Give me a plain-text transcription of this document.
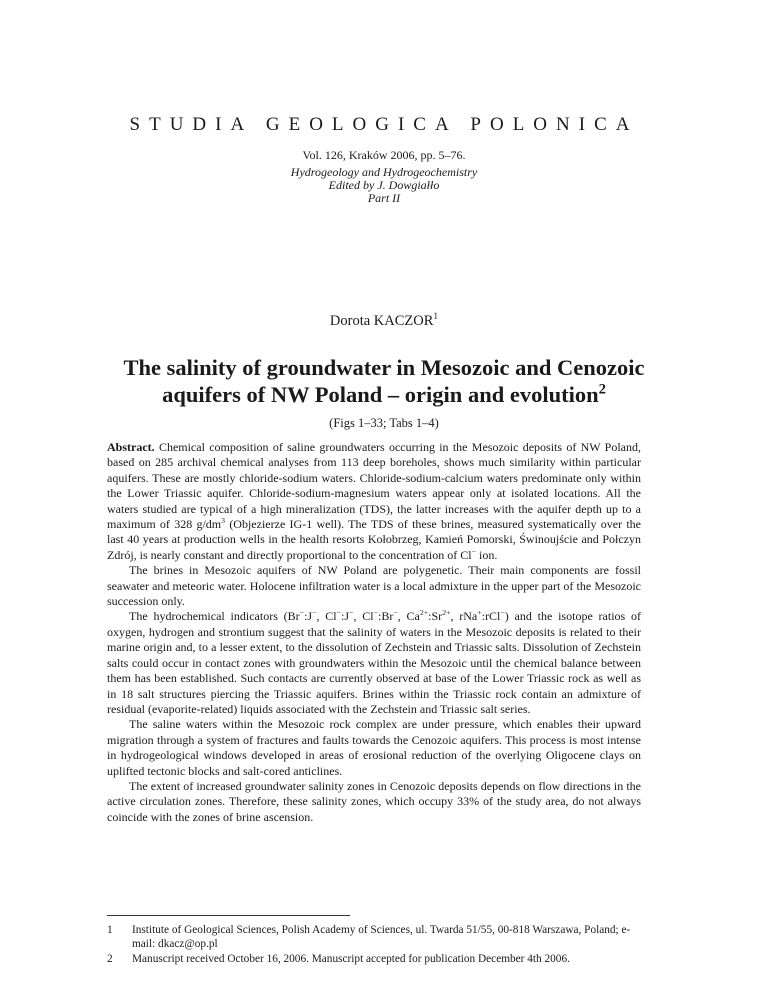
STUDIA GEOLOGICA POLONICA
Vol. 126, Kraków 2006, pp. 5–76.
Hydrogeology and Hydrogeochemistry
Edited by J. Dowgiałło
Part II
Dorota KACZOR$^1$
The salinity of groundwater in Mesozoic and Cenozoic
aquifers of NW Poland – origin and evolution$^2$
(Figs 1–33; Tabs 1–4)

Abstract. Chemical composition of saline groundwaters occurring in the Mesozoic deposits of NW Poland, based on 285 archival chemical analyses from 113 deep boreholes, shows much similarity within particular aquifers. These are mostly chloride-sodium waters. Chloride-sodium-calcium waters predominate only within the Lower Triassic aquifer. Chloride-sodium-magnesium waters appear only at isolated locations. All the waters studied are typical of a high mineralization (TDS), the latter increases with the aquifer depth up to a maximum of 328 $g/dm^3$ (Objezierze IG-1 well). The TDS of these brines, measured systematically over the last 40 years at production wells in the health resorts Kołobrzeg, Kamień Pomorski, Świnoujście and Połczyn Zdrój, is nearly constant and directly proportional to the concentration of Cl− ion.

The brines in Mesozoic aquifers of NW Poland are polygenetic. Their main components are fossil seawater and meteoric water. Holocene infiltration water is a local admixture in the upper part of the Mesozoic succession only.

The hydrochemical indicators (Br−:J−, Cl−:J−, Cl−:Br−, $Ca^{2+}:Sr^{2+}$, rNa+:rCl−) and the isotope ratios of oxygen, hydrogen and strontium suggest that the salinity of waters in the Mesozoic deposits is related to their marine origin and, to a lesser extent, to the dissolution of Zechstein and Triassic salts. Dissolution of Zechstein salts could occur in contact zones with groundwaters within the Mesozoic until the chemical balance between them has been established. Such contacts are currently observed at base of the Lower Triassic rock as well as in 18 salt structures piercing the Triassic aquifers. Brines within the Triassic rock contain an admixture of residual (evaporite-related) liquids associated with the Zechstein and Triassic salt series.

The saline waters within the Mesozoic rock complex are under pressure, which enables their upward migration through a system of fractures and faults towards the Cenozoic aquifers. This process is most intense in hydrogeological windows developed in areas of erosional reduction of the overlying Oligocene clays on uplifted tectonic blocks and salt-cored anticlines.

The extent of increased groundwater salinity zones in Cenozoic deposits depends on flow directions in the active circulation zones. Therefore, these salinity zones, which occupy 33% of the study area, do not always coincide with the zones of brine ascension.

1	Institute of Geological Sciences, Polish Academy of Sciences, ul. Twarda 51/55, 00-818 Warszawa, Poland; e-mail: dkacz@op.pl
2	Manuscript received October 16, 2006. Manuscript accepted for publication December 4th 2006.
